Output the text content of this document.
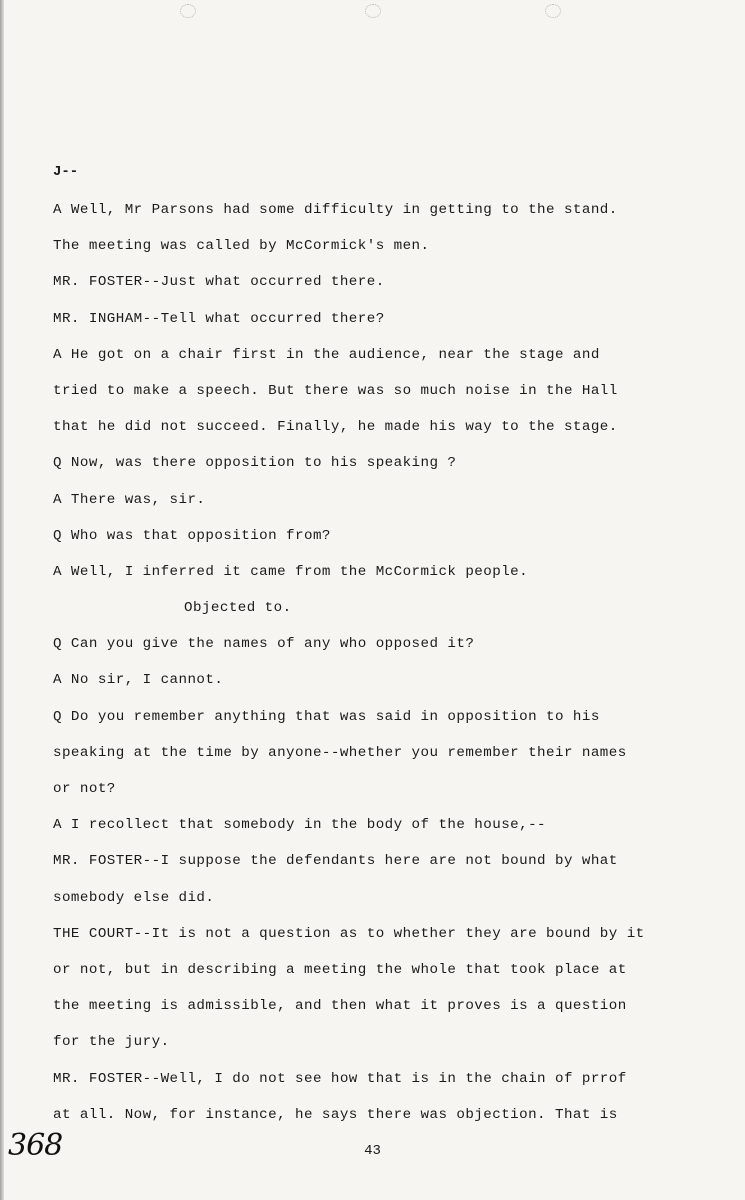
J--
A Well, Mr Parsons had some difficulty in getting to the stand.
The meeting was called by McCormick's men.
MR. FOSTER--Just what occurred there.
MR. INGHAM--Tell what occurred there?
A He got on a chair first in the audience, near the stage and
tried to make a speech. But there was so much noise in the Hall
that he did not succeed. Finally, he made his way to the stage.
Q Now, was there opposition to his speaking ?
A There was, sir.
Q Who was that opposition from?
A Well, I inferred it came from the McCormick people.
Objected to.
Q Can you give the names of any who opposed it?
A No sir, I cannot.
Q Do you remember anything that was said in opposition to his
speaking at the time by anyone--whether you remember their names
or not?
A I recollect that somebody in the body of the house,--
MR. FOSTER--I suppose the defendants here are not bound by what
somebody else did.
THE COURT--It is not a question as to whether they are bound by it
or not, but in describing a meeting the whole that took place at
the meeting is admissible, and then what it proves is a question
for the jury.
MR. FOSTER--Well, I do not see how that is in the chain of prrof
at all. Now, for instance, he says there was objection. That is
43
368
